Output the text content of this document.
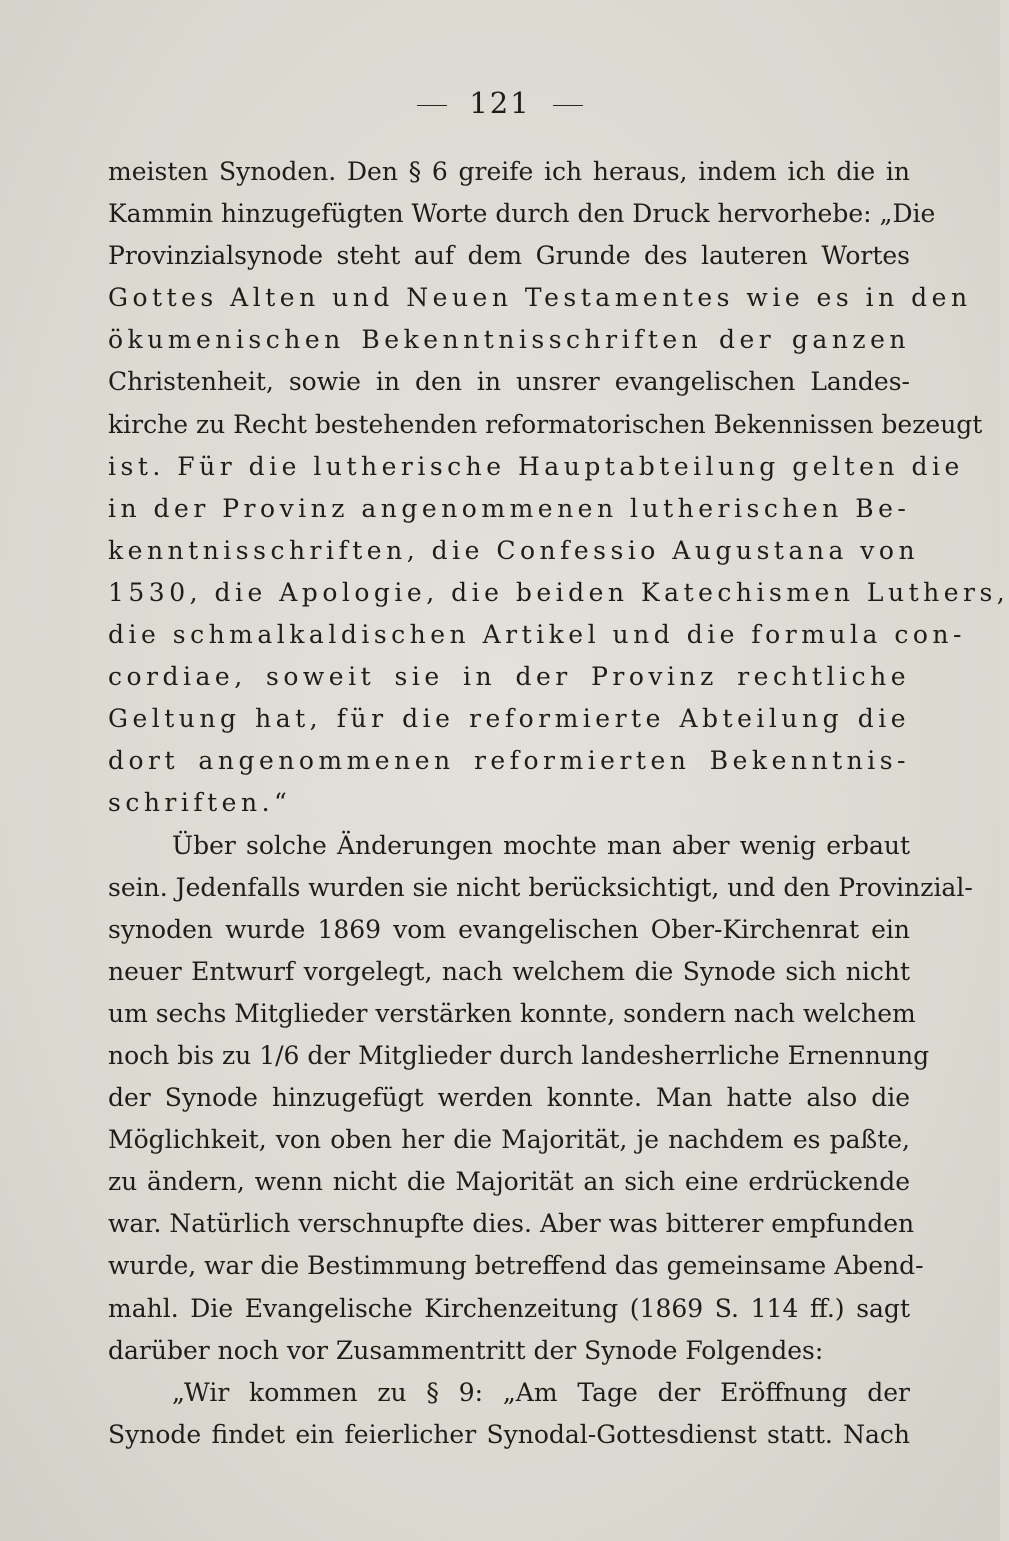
121
meisten Synoden. Den § 6 greife ich heraus, indem ich die in
Kammin hinzugefügten Worte durch den Druck hervorhebe: „Die
Provinzialsynode steht auf dem Grunde des lauteren Wortes
Gottes Alten und Neuen Testamentes wie es in den
ökumenischen Bekenntnisschriften der ganzen
Christenheit, sowie in den in unsrer evangelischen Landes-
kirche zu Recht bestehenden reformatorischen Bekennissen bezeugt
ist. Für die lutherische Hauptabteilung gelten die
in der Provinz angenommenen lutherischen Be-
kenntnisschriften, die Confessio Augustana von
1530, die Apologie, die beiden Katechismen Luthers,
die schmalkaldischen Artikel und die formula con-
cordiae, soweit sie in der Provinz rechtliche
Geltung hat, für die reformierte Abteilung die
dort angenommenen reformierten Bekenntnis-
schriften.“
Über solche Änderungen mochte man aber wenig erbaut
sein. Jedenfalls wurden sie nicht berücksichtigt, und den Provinzial-
synoden wurde 1869 vom evangelischen Ober-Kirchenrat ein
neuer Entwurf vorgelegt, nach welchem die Synode sich nicht
um sechs Mitglieder verstärken konnte, sondern nach welchem
noch bis zu 1/6 der Mitglieder durch landesherrliche Ernennung
der Synode hinzugefügt werden konnte. Man hatte also die
Möglichkeit, von oben her die Majorität, je nachdem es paßte,
zu ändern, wenn nicht die Majorität an sich eine erdrückende
war. Natürlich verschnupfte dies. Aber was bitterer empfunden
wurde, war die Bestimmung betreffend das gemeinsame Abend-
mahl. Die Evangelische Kirchenzeitung (1869 S. 114 ff.) sagt
darüber noch vor Zusammentritt der Synode Folgendes:
„Wir kommen zu § 9: „Am Tage der Eröffnung der
Synode findet ein feierlicher Synodal-Gottesdienst statt. Nach
